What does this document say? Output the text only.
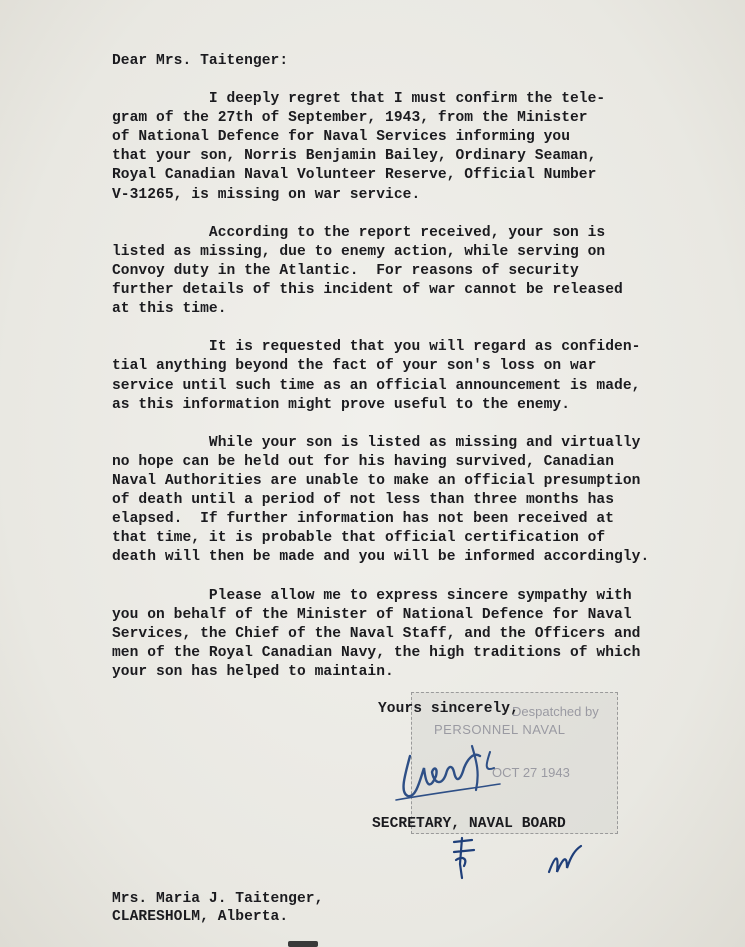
Dear Mrs. Taitenger:
I deeply regret that I must confirm the tele-
gram of the 27th of September, 1943, from the Minister
of National Defence for Naval Services informing you
that your son, Norris Benjamin Bailey, Ordinary Seaman,
Royal Canadian Naval Volunteer Reserve, Official Number
V-31265, is missing on war service.
According to the report received, your son is
listed as missing, due to enemy action, while serving on
Convoy duty in the Atlantic.  For reasons of security
further details of this incident of war cannot be released
at this time.
It is requested that you will regard as confiden-
tial anything beyond the fact of your son's loss on war
service until such time as an official announcement is made,
as this information might prove useful to the enemy.
While your son is listed as missing and virtually
no hope can be held out for his having survived, Canadian
Naval Authorities are unable to make an official presumption
of death until a period of not less than three months has
elapsed.  If further information has not been received at
that time, it is probable that official certification of
death will then be made and you will be informed accordingly.
Please allow me to express sincere sympathy with
you on behalf of the Minister of National Defence for Naval
Services, the Chief of the Naval Staff, and the Officers and
men of the Royal Canadian Navy, the high traditions of which
your son has helped to maintain.
Despatched by
PERSONNEL NAVAL
OCT 27 1943
Yours sincerely,
SECRETARY, NAVAL BOARD
Mrs. Maria J. Taitenger,
CLARESHOLM, Alberta.
